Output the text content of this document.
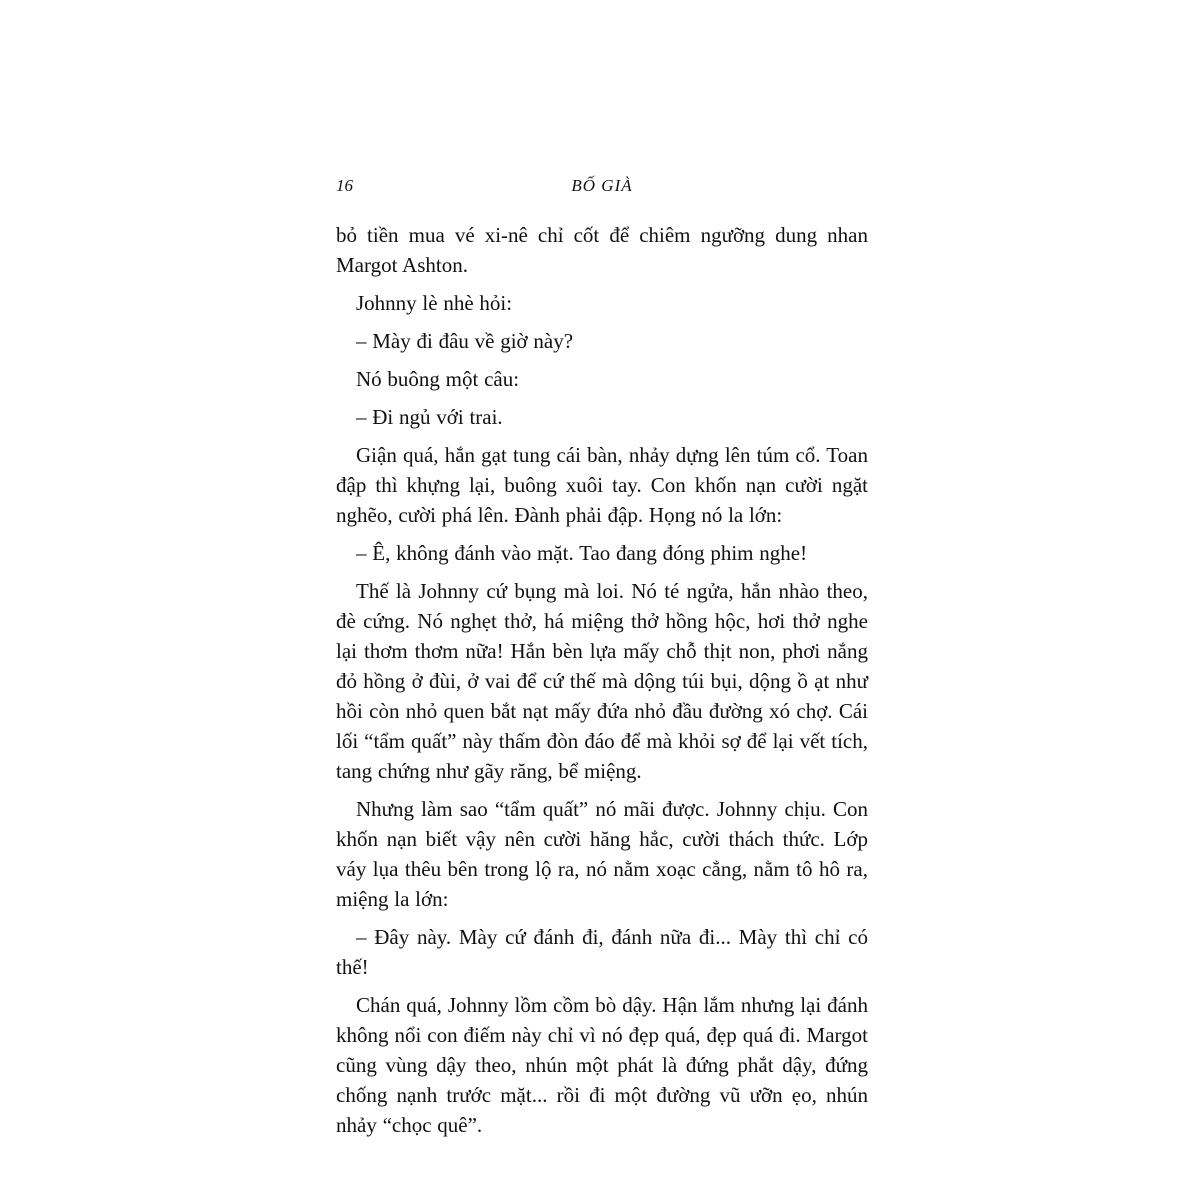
16	BỐ GIÀ

bỏ tiền mua vé xi-nê chỉ cốt để chiêm ngưỡng dung nhan Margot Ashton.

Johnny lè nhè hỏi:

– Mày đi đâu về giờ này?

Nó buông một câu:

– Đi ngủ với trai.

Giận quá, hắn gạt tung cái bàn, nhảy dựng lên túm cổ. Toan đập thì khựng lại, buông xuôi tay. Con khốn nạn cười ngặt nghẽo, cười phá lên. Đành phải đập. Họng nó la lớn:

– Ê, không đánh vào mặt. Tao đang đóng phim nghe!

Thế là Johnny cứ bụng mà loi. Nó té ngửa, hắn nhào theo, đè cứng. Nó nghẹt thở, há miệng thở hồng hộc, hơi thở nghe lại thơm thơm nữa! Hắn bèn lựa mấy chỗ thịt non, phơi nắng đỏ hồng ở đùi, ở vai để cứ thế mà dộng túi bụi, dộng ồ ạt như hồi còn nhỏ quen bắt nạt mấy đứa nhỏ đầu đường xó chợ. Cái lối “tẩm quất” này thấm đòn đáo để mà khỏi sợ để lại vết tích, tang chứng như gãy răng, bể miệng.

Nhưng làm sao “tẩm quất” nó mãi được. Johnny chịu. Con khốn nạn biết vậy nên cười hăng hắc, cười thách thức. Lớp váy lụa thêu bên trong lộ ra, nó nằm xoạc cẳng, nằm tô hô ra, miệng la lớn:

– Đây này. Mày cứ đánh đi, đánh nữa đi... Mày thì chỉ có thế!

Chán quá, Johnny lồm cồm bò dậy. Hận lắm nhưng lại đánh không nổi con điếm này chỉ vì nó đẹp quá, đẹp quá đi. Margot cũng vùng dậy theo, nhún một phát là đứng phắt dậy, đứng chống nạnh trước mặt... rồi đi một đường vũ ưỡn ẹo, nhún nhảy “chọc quê”.
